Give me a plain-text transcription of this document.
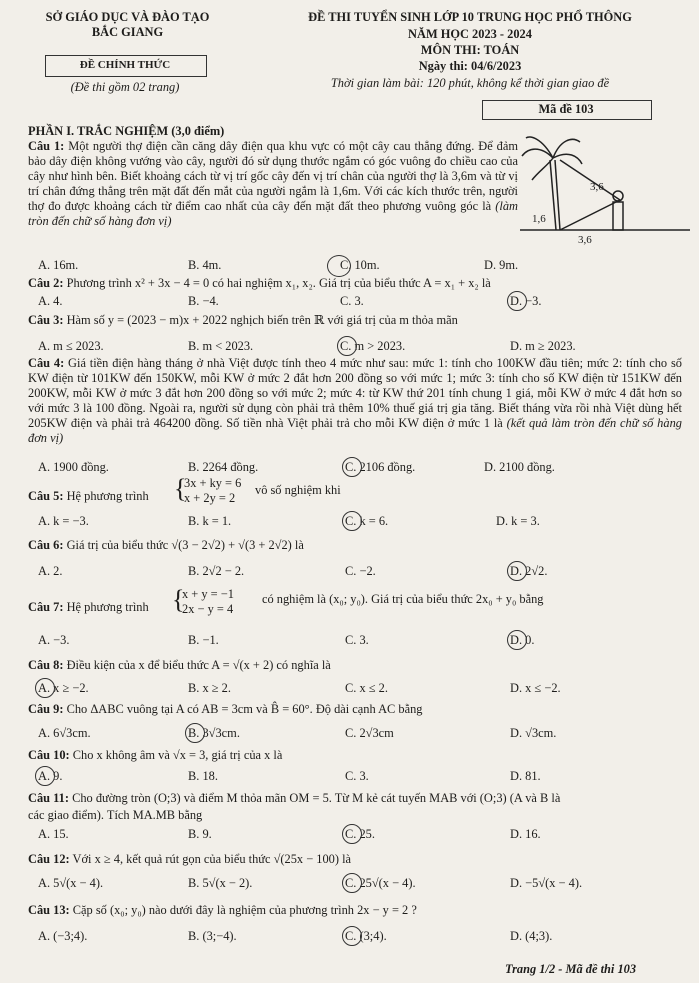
SỞ GIÁO DỤC VÀ ĐÀO TẠO
BẮC GIANG
ĐỀ CHÍNH THỨC
(Đề thi gồm 02 trang)
ĐỀ THI TUYỂN SINH LỚP 10 TRUNG HỌC PHỔ THÔNG
NĂM HỌC 2023 - 2024
MÔN THI: TOÁN
Ngày thi: 04/6/2023
Thời gian làm bài: 120 phút, không kể thời gian giao đề
Mã đề 103
PHẦN I. TRẮC NGHIỆM (3,0 điểm)
Câu 1: Một người thợ điện cần căng dây điện qua khu vực có một cây cau thẳng đứng. Để đảm bảo dây điện không vướng vào cây, người đó sử dụng thước ngắm có góc vuông đo chiều cao của cây như hình bên. Biết khoảng cách từ vị trí gốc cây đến vị trí chân của người thợ là 3,6m và từ vị trí chân đứng thẳng trên mặt đất đến mắt của người ngắm là 1,6m. Với các kích thước trên, người thợ đo được khoảng cách từ điểm cao nhất của cây đến mặt đất theo phương vuông góc là (làm tròn đến chữ số hàng đơn vị)
3,6
1,6
3,6
A. 16m.	B. 4m.	C. 10m.	D. 9m.
Câu 2: Phương trình x² + 3x − 4 = 0 có hai nghiệm x₁, x₂. Giá trị của biểu thức A = x₁ + x₂ là
A. 4.	B. −4.	C. 3.	D. −3.
Câu 3: Hàm số y = (2023 − m)x + 2022 nghịch biến trên ℝ với giá trị của m thỏa mãn
A. m ≤ 2023.	B. m < 2023.	C. m > 2023.	D. m ≥ 2023.
Câu 4: Giá tiền điện hàng tháng ở nhà Việt được tính theo 4 mức như sau: mức 1: tính cho 100KW đầu tiên; mức 2: tính cho số KW điện từ 101KW đến 150KW, mỗi KW ở mức 2 đắt hơn 200 đồng so với mức 1; mức 3: tính cho số KW điện từ 151KW đến 200KW, mỗi KW ở mức 3 đắt hơn 200 đồng so với mức 2; mức 4: từ KW thứ 201 tính chung 1 giá, mỗi KW ở mức 4 đắt hơn so với mức 3 là 100 đồng. Ngoài ra, người sử dụng còn phải trả thêm 10% thuế giá trị gia tăng. Biết tháng vừa rồi nhà Việt dùng hết 205KW điện và phải trả 464200 đồng. Số tiền nhà Việt phải trả cho mỗi KW điện ở mức 1 là (kết quả làm tròn đến chữ số hàng đơn vị)
A. 1900 đồng.	B. 2264 đồng.	C. 2106 đồng.	D. 2100 đồng.
Câu 5: Hệ phương trình {
3x + ky = 6
x + 2y = 2
vô số nghiệm khi
A. k = −3.	B. k = 1.	C. k = 6.	D. k = 3.
Câu 6: Giá trị của biểu thức √(3 − 2√2) + √(3 + 2√2) là
A. 2.	B. 2√2 − 2.	C. −2.	D. 2√2.
Câu 7: Hệ phương trình {
x + y = −1
2x − y = 4
có nghiệm là (x₀; y₀). Giá trị của biểu thức 2x₀ + y₀ bằng
A. −3.	B. −1.	C. 3.	D. 0.
Câu 8: Điều kiện của x để biểu thức A = √(x + 2) có nghĩa là
A. x ≥ −2.	B. x ≥ 2.	C. x ≤ 2.	D. x ≤ −2.
Câu 9: Cho ΔABC vuông tại A có AB = 3cm và B̂ = 60°. Độ dài cạnh AC bằng
A. 6√3cm.	B. 3√3cm.	C. 2√3cm	D. √3cm.
Câu 10: Cho x không âm và √x = 3, giá trị của x là
A. 9.	B. 18.	C. 3.	D. 81.
Câu 11: Cho đường tròn (O;3) và điểm M thỏa mãn OM = 5. Từ M kẻ cát tuyến MAB với (O;3) (A và B là
các giao điểm). Tích MA.MB bằng
A. 15.	B. 9.	C. 25.	D. 16.
Câu 12: Với x ≥ 4, kết quả rút gọn của biểu thức √(25x − 100) là
A. 5√(x − 4).	B. 5√(x − 2).	C. 25√(x − 4).	D. −5√(x − 4).
Câu 13: Cặp số (x₀; y₀) nào dưới đây là nghiệm của phương trình 2x − y = 2 ?
A. (−3;4).	B. (3;−4).	C. (3;4).	D. (4;3).
Trang 1/2 - Mã đề thi 103
